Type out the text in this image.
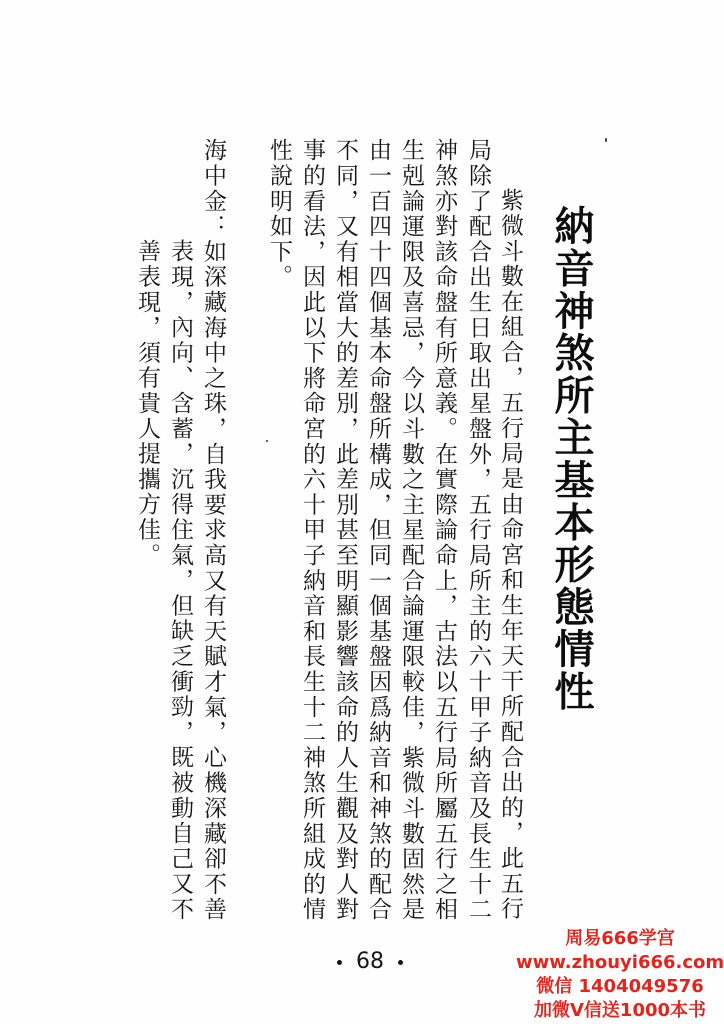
納音神煞所主基本形態情性
紫微斗數在組合，五行局是由命宮和生年天干所配合出的，此五行
局除了配合出生日取出星盤外，五行局所主的六十甲子納音及長生十二
神煞亦對該命盤有所意義。在實際論命上，古法以五行局所屬五行之相
生剋論運限及喜忌，今以斗數之主星配合論運限較佳，紫微斗數固然是
由一百四十四個基本命盤所構成，但同一個基盤因爲納音和神煞的配合
不同，又有相當大的差別，此差別甚至明顯影響該命的人生觀及對人對
事的看法，因此以下將命宮的六十甲子納音和長生十二神煞所組成的情
性說明如下。
海中金：如深藏海中之珠，自我要求高又有天賦才氣，心機深藏卻不善
表現，內向、含蓄，沉得住氣，但缺乏衝勁，既被動自己又不
善表現，須有貴人提攜方佳。
68
周易666学宫
www.zhouyi666.com
微信 1404049576
加微V信送1000本书
